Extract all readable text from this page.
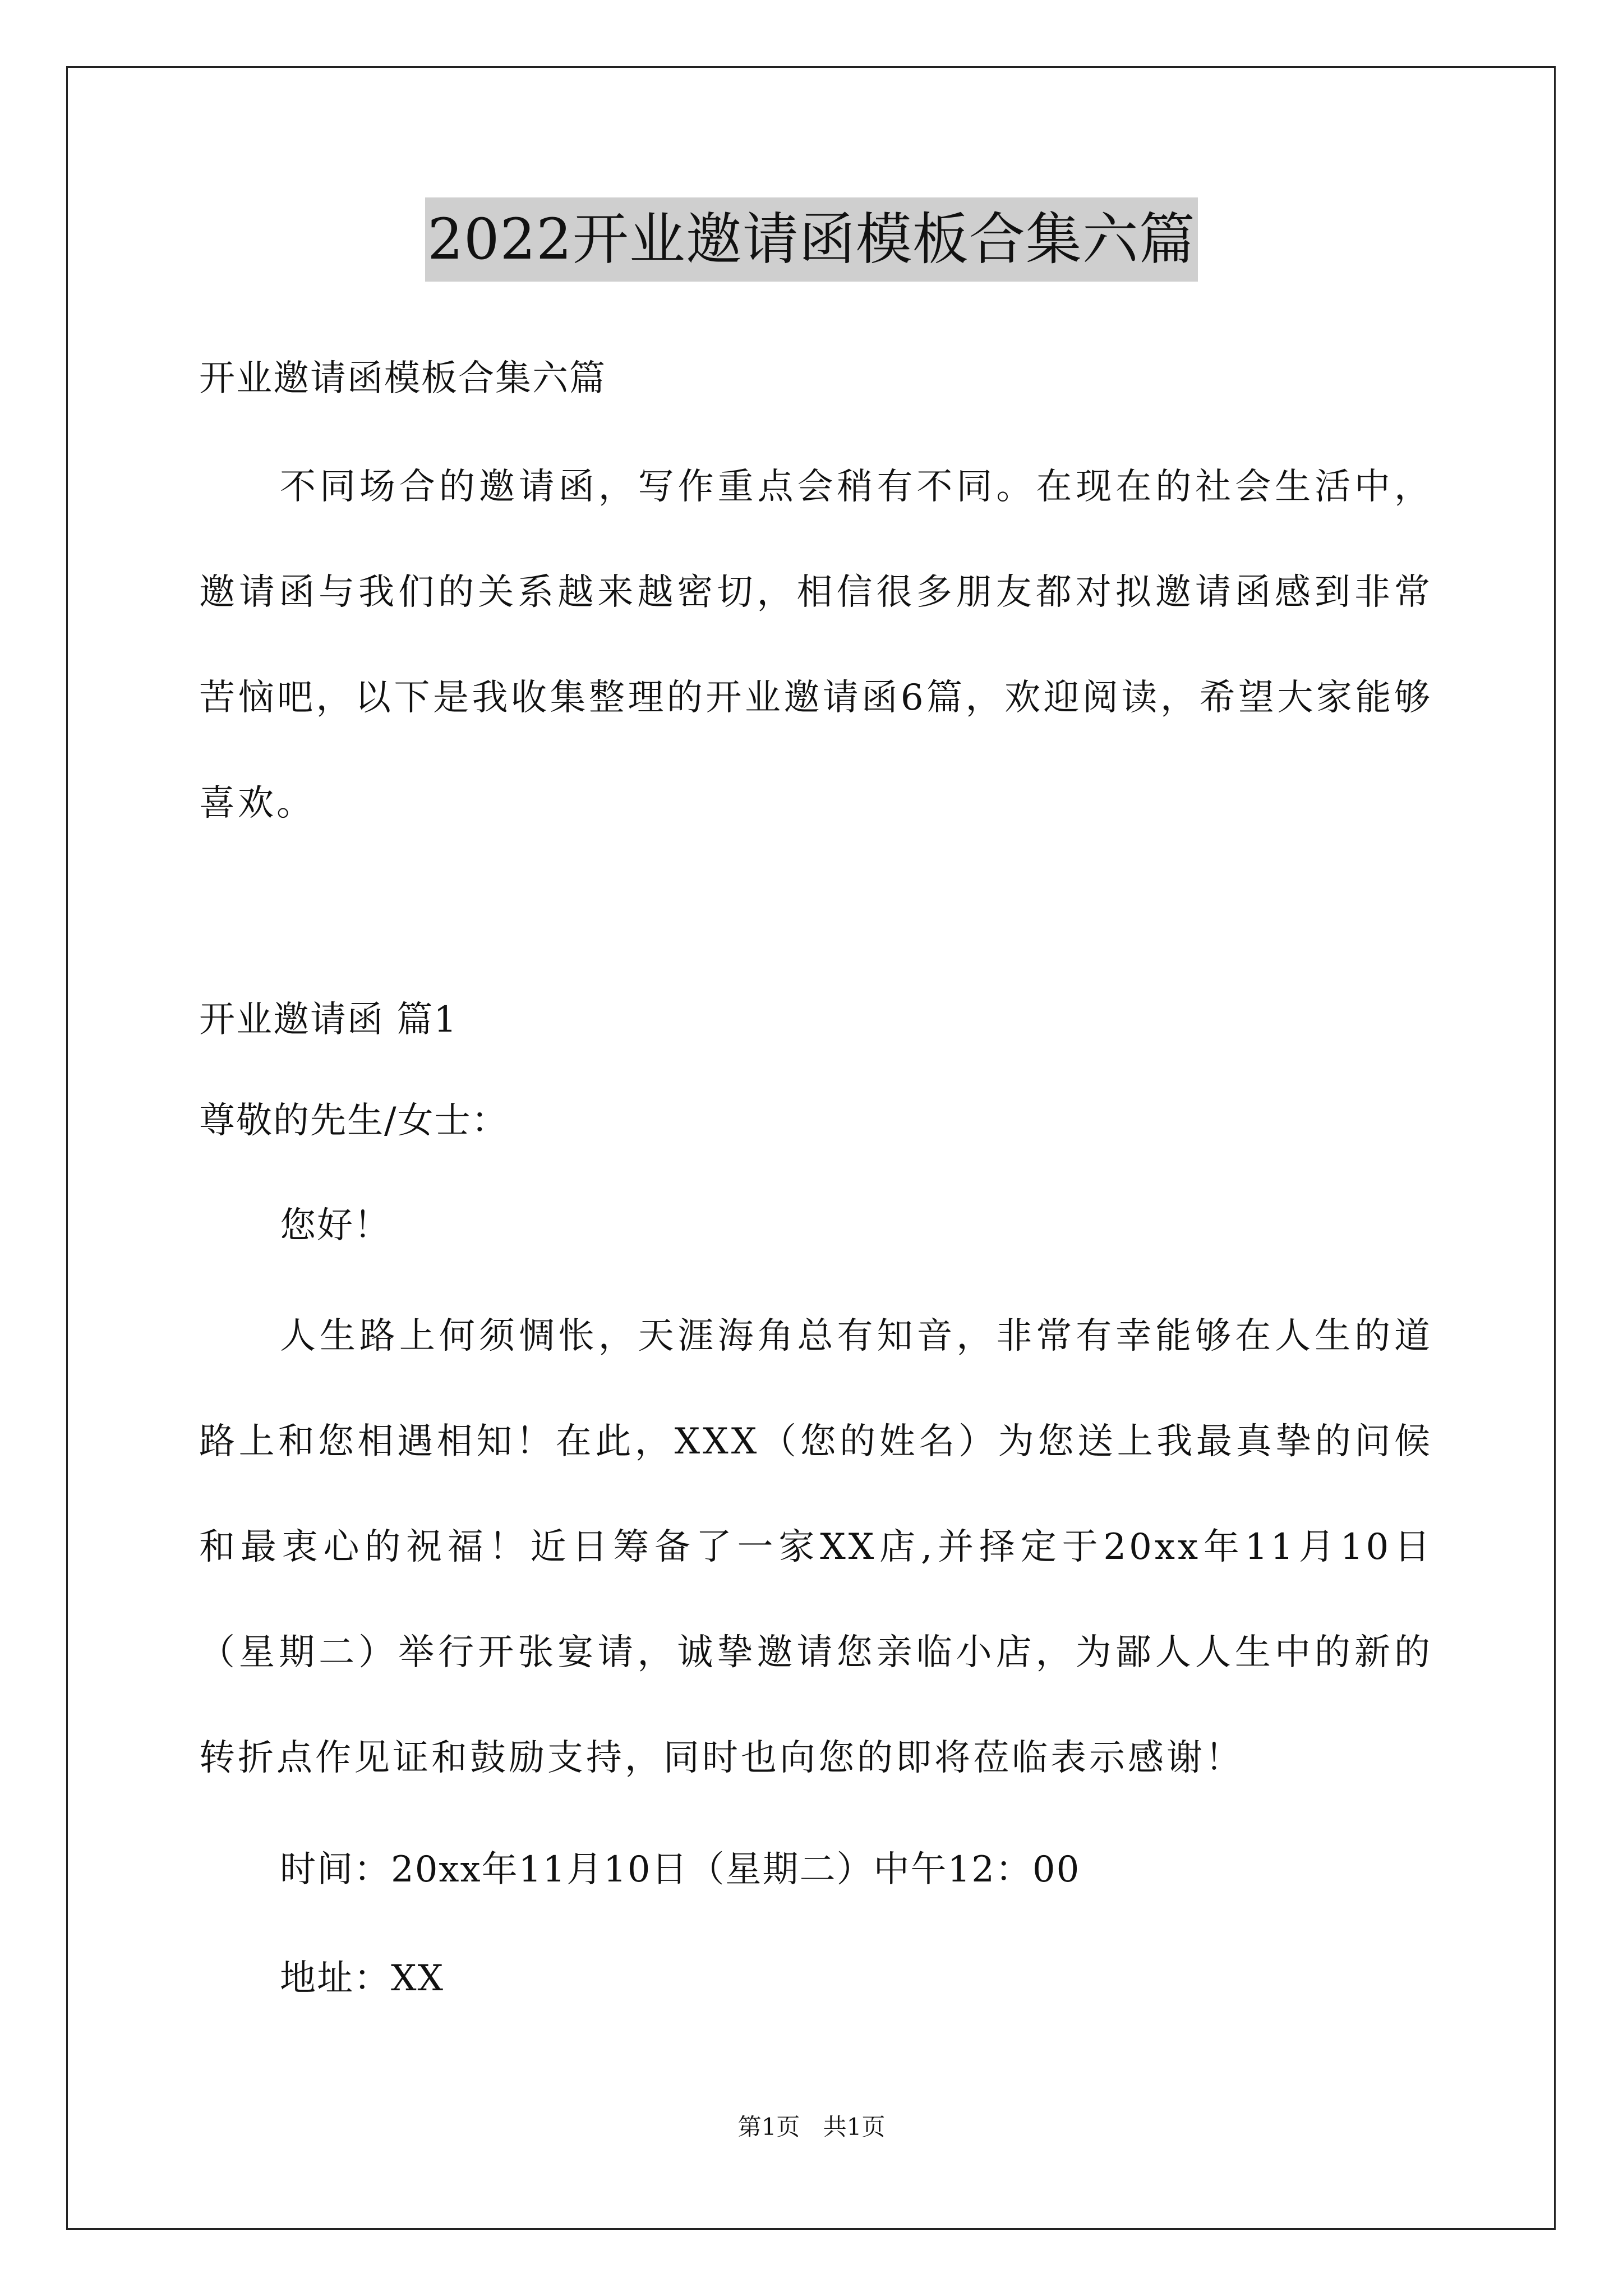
2022开业邀请函模板合集六篇
开业邀请函模板合集六篇
不同场合的邀请函，写作重点会稍有不同。在现在的社会生活中，邀请函与我们的关系越来越密切，相信很多朋友都对拟邀请函感到非常苦恼吧，以下是我收集整理的开业邀请函6篇，欢迎阅读，希望大家能够喜欢。
开业邀请函 篇1
尊敬的先生/女士：
您好！
人生路上何须惆怅，天涯海角总有知音，非常有幸能够在人生的道路上和您相遇相知！在此，XXX（您的姓名）为您送上我最真挚的问候和最衷心的祝福！近日筹备了一家XX店,并择定于20xx年11月10日（星期二）举行开张宴请，诚挚邀请您亲临小店，为鄙人人生中的新的转折点作见证和鼓励支持，同时也向您的即将莅临表示感谢！
时间：20xx年11月10日（星期二）中午12：00
地址：XX
第1页 共1页
